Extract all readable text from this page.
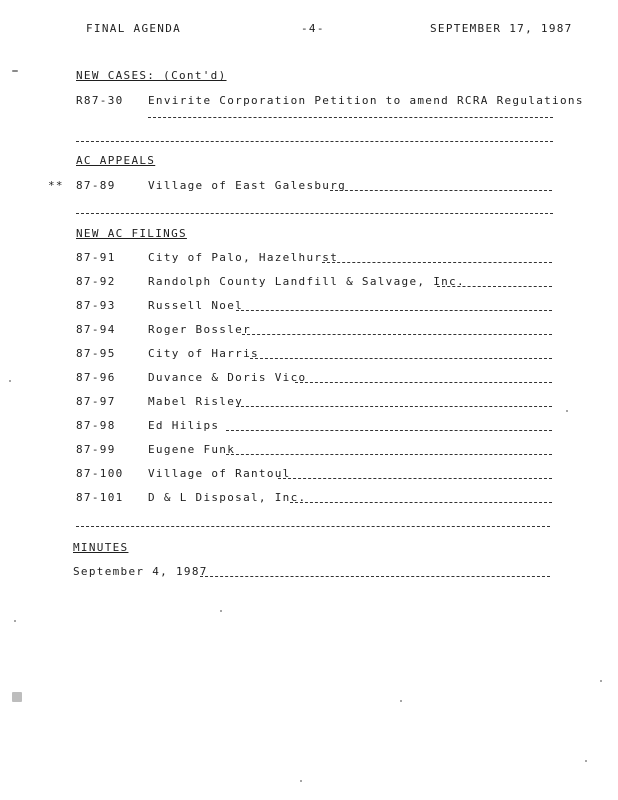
FINAL AGENDA	-4-	SEPTEMBER 17, 1987
NEW CASES: (Cont'd)
R87-30 Envirite Corporation Petition to amend RCRA Regulations
AC APPEALS
** 87-89	Village of East Galesburg
NEW AC FILINGS
87-91	City of Palo, Hazelhurst
87-92	Randolph County Landfill & Salvage, Inc.
87-93	Russell Noel
87-94	Roger Bossler
87-95	City of Harris
87-96	Duvance & Doris Vico
87-97	Mabel Risley
87-98	Ed Hilips
87-99	Eugene Funk
87-100 Village of Rantoul
87-101 D & L Disposal, Inc.
MINUTES
September 4, 1987
